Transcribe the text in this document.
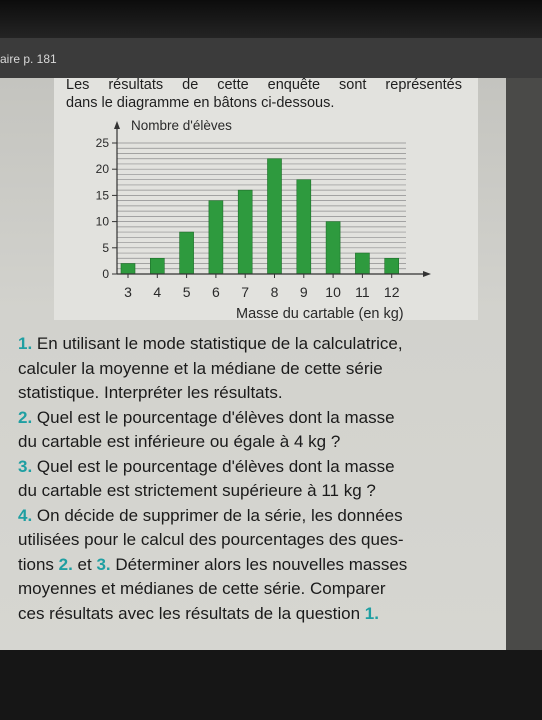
aire p. 181
Les résultats de cette enquête sont représentés
dans le diagramme en bâtons ci-dessous.
0
5
10
15
20
25
3 4 5 6 7 8 9 10 11 12
Nombre d'élèves
Masse du cartable (en kg)
1. En utilisant le mode statistique de la calculatrice,
calculer la moyenne et la médiane de cette série
statistique. Interpréter les résultats.
2. Quel est le pourcentage d'élèves dont la masse
du cartable est inférieure ou égale à 4 kg ?
3. Quel est le pourcentage d'élèves dont la masse
du cartable est strictement supérieure à 11 kg ?
4. On décide de supprimer de la série, les données
utilisées pour le calcul des pourcentages des ques-
tions 2. et 3. Déterminer alors les nouvelles masses
moyennes et médianes de cette série. Comparer
ces résultats avec les résultats de la question 1.
